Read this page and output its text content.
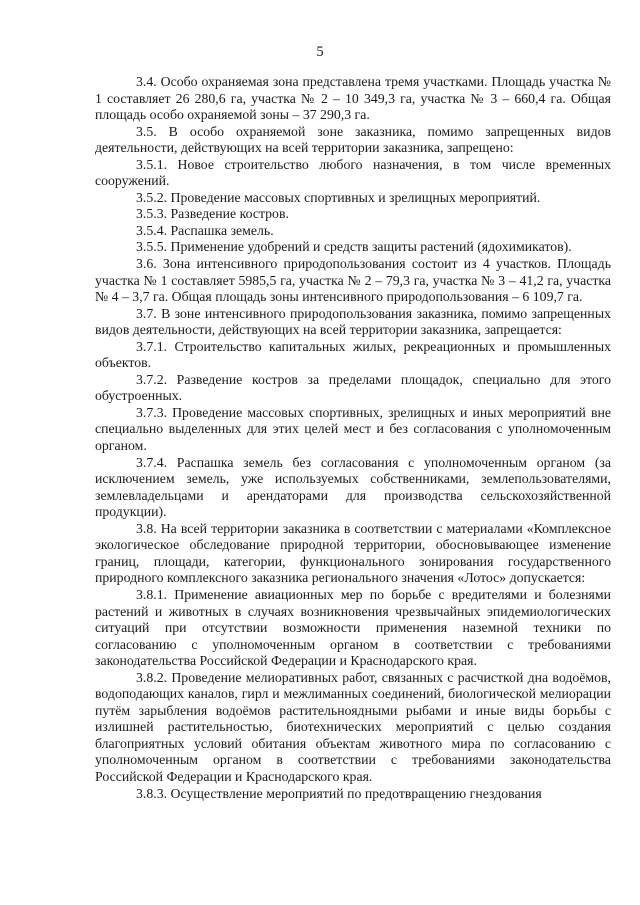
5

3.4. Особо охраняемая зона представлена тремя участками. Площадь участка № 1 составляет 26 280,6 га, участка № 2 – 10 349,3 га, участка № 3 – 660,4 га. Общая площадь особо охраняемой зоны – 37 290,3 га.

3.5. В особо охраняемой зоне заказника, помимо запрещенных видов деятельности, действующих на всей территории заказника, запрещено:

3.5.1. Новое строительство любого назначения, в том числе временных сооружений.

3.5.2. Проведение массовых спортивных и зрелищных мероприятий.

3.5.3. Разведение костров.

3.5.4. Распашка земель.

3.5.5. Применение удобрений и средств защиты растений (ядохимикатов).

3.6. Зона интенсивного природопользования состоит из 4 участков. Площадь участка № 1 составляет 5985,5 га, участка № 2 – 79,3 га, участка № 3 – 41,2 га, участка № 4 – 3,7 га. Общая площадь зоны интенсивного природопользования – 6 109,7 га.

3.7. В зоне интенсивного природопользования заказника, помимо запрещенных видов деятельности, действующих на всей территории заказника, запрещается:

3.7.1. Строительство капитальных жилых, рекреационных и промышленных объектов.

3.7.2. Разведение костров за пределами площадок, специально для этого обустроенных.

3.7.3. Проведение массовых спортивных, зрелищных и иных мероприятий вне специально выделенных для этих целей мест и без согласования с уполномоченным органом.

3.7.4. Распашка земель без согласования с уполномоченным органом (за исключением земель, уже используемых собственниками, землепользователями, землевладельцами и арендаторами для производства сельскохозяйственной продукции).

3.8. На всей территории заказника в соответствии с материалами «Комплексное экологическое обследование природной территории, обосновывающее изменение границ, площади, категории, функционального зонирования государственного природного комплексного заказника регионального значения «Лотос» допускается:

3.8.1. Применение авиационных мер по борьбе с вредителями и болезнями растений и животных в случаях возникновения чрезвычайных эпидемиологических ситуаций при отсутствии возможности применения наземной техники по согласованию с уполномоченным органом в соответствии с требованиями законодательства Российской Федерации и Краснодарского края.

3.8.2. Проведение мелиоративных работ, связанных с расчисткой дна водоёмов, водоподающих каналов, гирл и межлиманных соединений, биологической мелиорации путём зарыбления водоёмов растительноядными рыбами и иные виды борьбы с излишней растительностью, биотехнических мероприятий с целью создания благоприятных условий обитания объектам животного мира по согласованию с уполномоченным органом в соответствии с требованиями законодательства Российской Федерации и Краснодарского края.

3.8.3. Осуществление мероприятий по предотвращению гнездования
